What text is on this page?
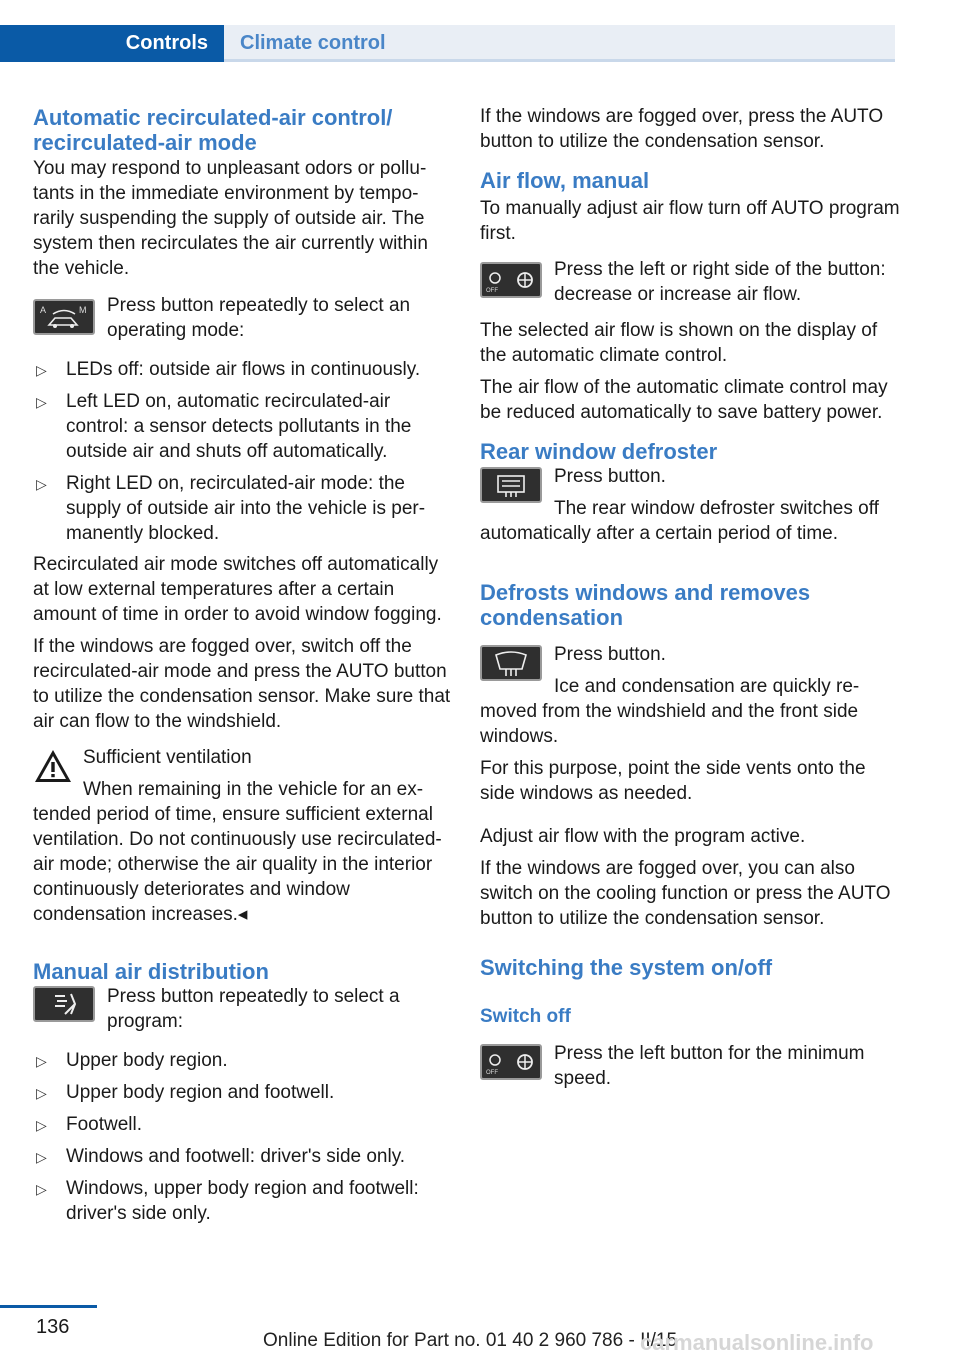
Controls	Climate control
Automatic recirculated-air control/ recirculated-air mode

You may respond to unpleasant odors or pollutants in the immediate environment by temporarily suspending the supply of outside air. The system then recirculates the air currently within the vehicle.

A	M	Press button repeatedly to select an operating mode:
▷ LEDs off: outside air flows in continuously.
▷ Left LED on, automatic recirculated-air control: a sensor detects pollutants in the outside air and shuts off automatically.
▷ Right LED on, recirculated-air mode: the supply of outside air into the vehicle is permanently blocked.

Recirculated air mode switches off automatically at low external temperatures after a certain amount of time in order to avoid window fogging.

If the windows are fogged over, switch off the recirculated-air mode and press the AUTO button to utilize the condensation sensor. Make sure that air can flow to the windshield.

Sufficient ventilation
When remaining in the vehicle for an extended period of time, ensure sufficient external ventilation. Do not continuously use recirculated-air mode; otherwise the air quality in the interior continuously deteriorates and window condensation increases.◂
Manual air distribution
Press button repeatedly to select a program:
▷ Upper body region.
▷ Upper body region and footwell.
▷ Footwell.
▷ Windows and footwell: driver's side only.
▷ Windows, upper body region and footwell: driver's side only.

If the windows are fogged over, press the AUTO button to utilize the condensation sensor.

Air flow, manual

To manually adjust air flow turn off AUTO program first.

OFF
Press the left or right side of the button: decrease or increase air flow.

The selected air flow is shown on the display of the automatic climate control.

The air flow of the automatic climate control may be reduced automatically to save battery power.

Rear window defroster
Press button.
The rear window defroster switches off automatically after a certain period of time.
Defrosts windows and removes condensation
Press button.
Ice and condensation are quickly removed from the windshield and the front side windows.

For this purpose, point the side vents onto the side windows as needed.

Adjust air flow with the program active.

If the windows are fogged over, you can also switch on the cooling function or press the AUTO button to utilize the condensation sensor.

Switching the system on/off
Switch off
OFF
Press the left button for the minimum speed.
136
Online Edition for Part no. 01 40 2 960 786 - II/15
carmanualsonline.info
